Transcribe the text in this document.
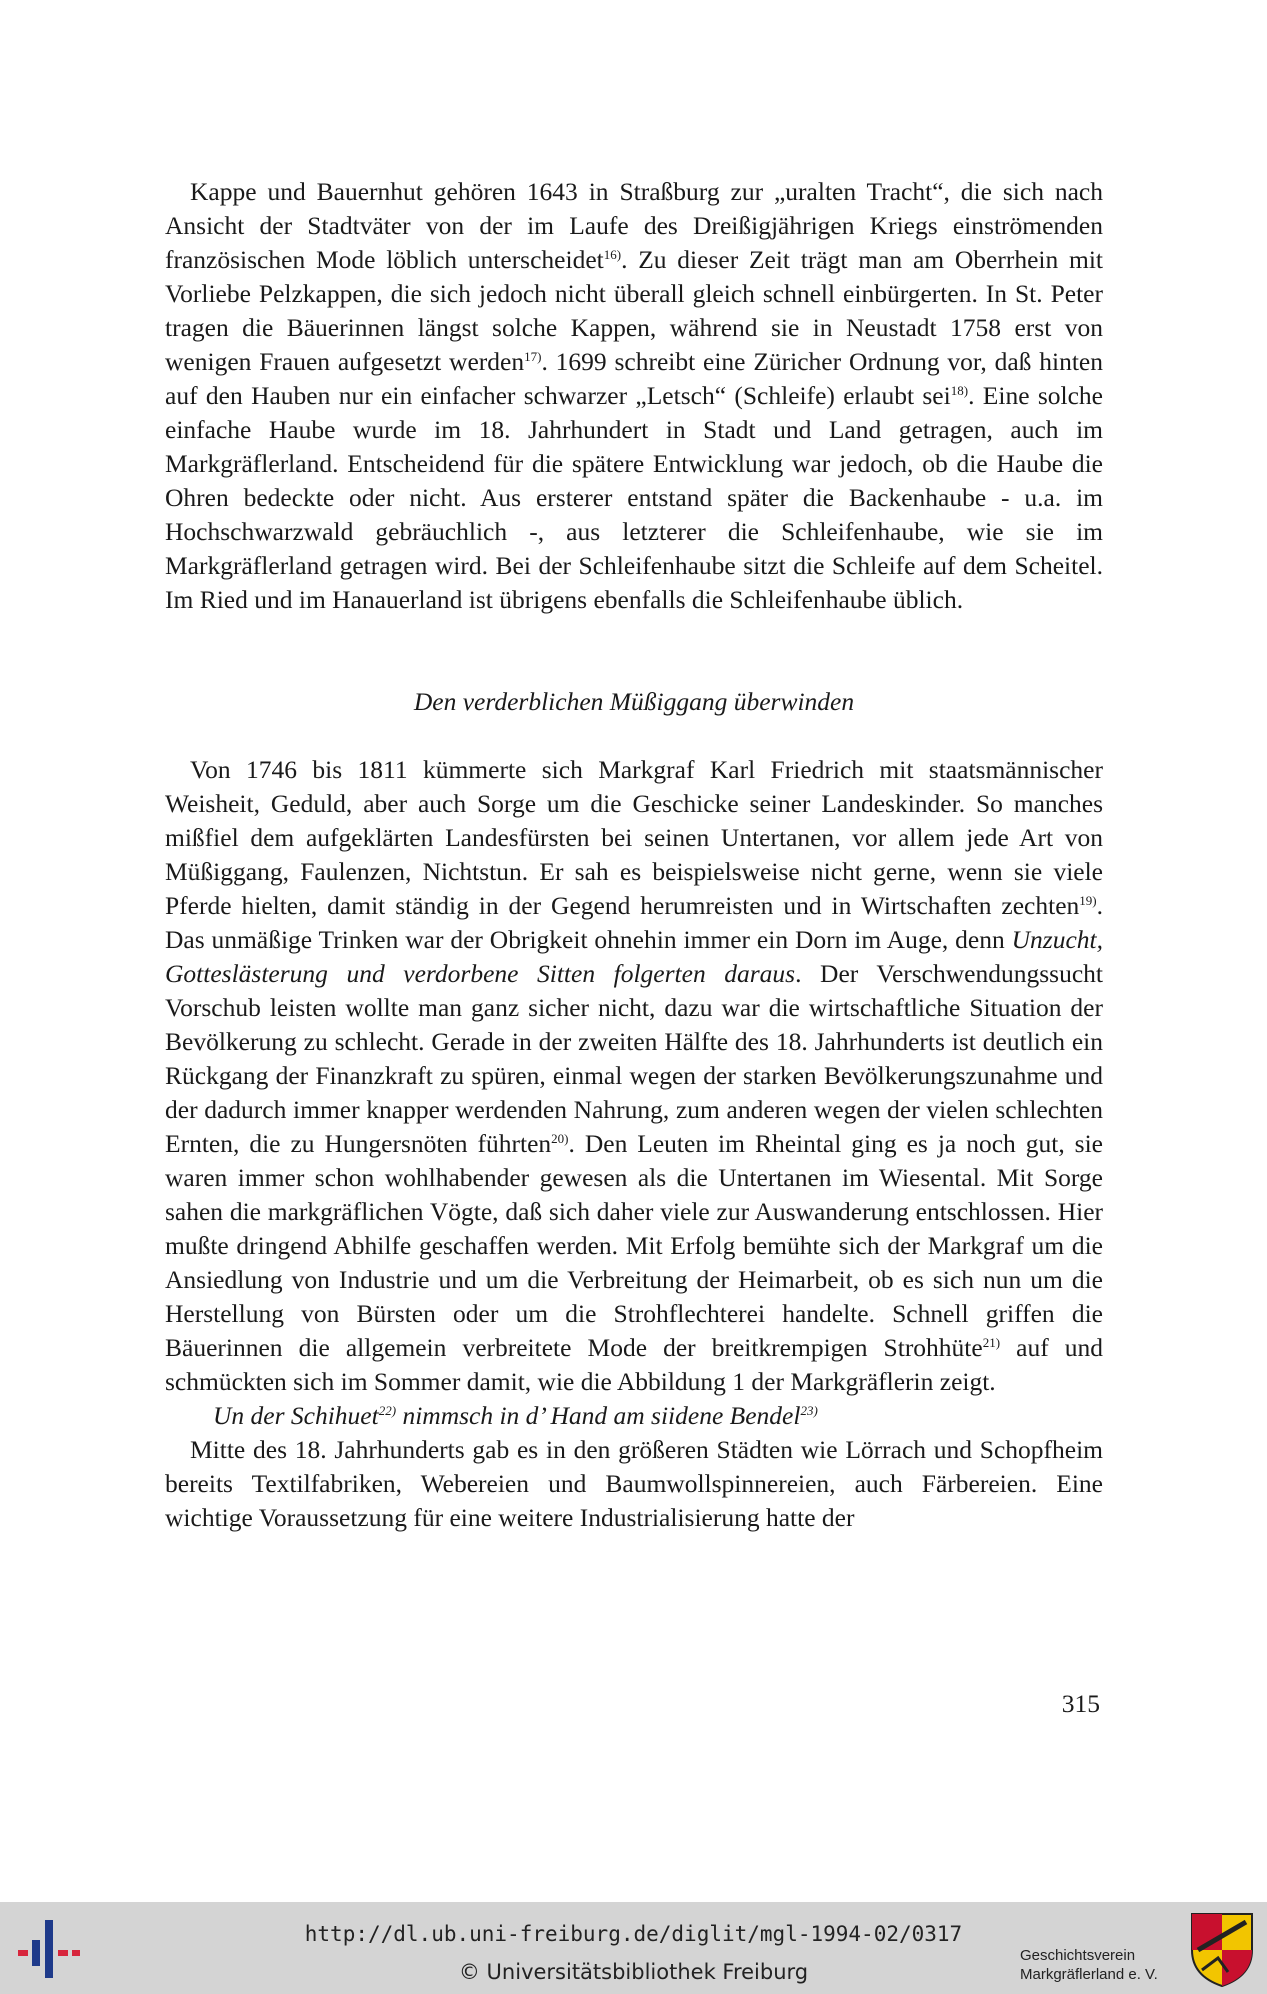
Kappe und Bauernhut gehören 1643 in Straßburg zur „uralten Tracht“, die sich nach Ansicht der Stadtväter von der im Laufe des Dreißigjährigen Kriegs einströmenden französischen Mode löblich unterscheidet$^{16)}$. Zu dieser Zeit trägt man am Oberrhein mit Vorliebe Pelzkappen, die sich jedoch nicht überall gleich schnell einbürgerten. In St. Peter tragen die Bäuerinnen längst solche Kappen, während sie in Neustadt 1758 erst von wenigen Frauen aufgesetzt werden$^{17)}$. 1699 schreibt eine Züricher Ordnung vor, daß hinten auf den Hauben nur ein einfacher schwarzer „Letsch“ (Schleife) erlaubt sei$^{18)}$. Eine solche einfache Haube wurde im 18. Jahrhundert in Stadt und Land getragen, auch im Markgräflerland. Entscheidend für die spätere Entwicklung war jedoch, ob die Haube die Ohren bedeckte oder nicht. Aus ersterer entstand später die Backenhaube - u.a. im Hochschwarzwald gebräuchlich -, aus letzterer die Schleifenhaube, wie sie im Markgräflerland getragen wird. Bei der Schleifenhaube sitzt die Schleife auf dem Scheitel. Im Ried und im Hanauerland ist übrigens ebenfalls die Schleifenhaube üblich.

Den verderblichen Müßiggang überwinden

Von 1746 bis 1811 kümmerte sich Markgraf Karl Friedrich mit staatsmännischer Weisheit, Geduld, aber auch Sorge um die Geschicke seiner Landeskinder. So manches mißfiel dem aufgeklärten Landesfürsten bei seinen Untertanen, vor allem jede Art von Müßiggang, Faulenzen, Nichtstun. Er sah es beispielsweise nicht gerne, wenn sie viele Pferde hielten, damit ständig in der Gegend herumreisten und in Wirtschaften zechten$^{19)}$. Das unmäßige Trinken war der Obrigkeit ohnehin immer ein Dorn im Auge, denn Unzucht, Gotteslästerung und verdorbene Sitten folgerten daraus. Der Verschwendungssucht Vorschub leisten wollte man ganz sicher nicht, dazu war die wirtschaftliche Situation der Bevölkerung zu schlecht. Gerade in der zweiten Hälfte des 18. Jahrhunderts ist deutlich ein Rückgang der Finanzkraft zu spüren, einmal wegen der starken Bevölkerungszunahme und der dadurch immer knapper werdenden Nahrung, zum anderen wegen der vielen schlechten Ernten, die zu Hungersnöten führten$^{20)}$. Den Leuten im Rheintal ging es ja noch gut, sie waren immer schon wohlhabender gewesen als die Untertanen im Wiesental. Mit Sorge sahen die markgräflichen Vögte, daß sich daher viele zur Auswanderung entschlossen. Hier mußte dringend Abhilfe geschaffen werden. Mit Erfolg bemühte sich der Markgraf um die Ansiedlung von Industrie und um die Verbreitung der Heimarbeit, ob es sich nun um die Herstellung von Bürsten oder um die Strohflechterei handelte. Schnell griffen die Bäuerinnen die allgemein verbreitete Mode der breitkrempigen Strohhüte$^{21)}$ auf und schmückten sich im Sommer damit, wie die Abbildung 1 der Markgräflerin zeigt.

Un der Schihuet$^{22)}$ nimmsch in d’ Hand am siidene Bendel$^{23)}$

Mitte des 18. Jahrhunderts gab es in den größeren Städten wie Lörrach und Schopfheim bereits Textilfabriken, Webereien und Baumwollspinnereien, auch Färbereien. Eine wichtige Voraussetzung für eine weitere Industrialisierung hatte der

315
http://dl.ub.uni-freiburg.de/diglit/mgl-1994-02/0317
© Universitätsbibliothek Freiburg
Geschichtsverein
Markgräflerland e. V.
